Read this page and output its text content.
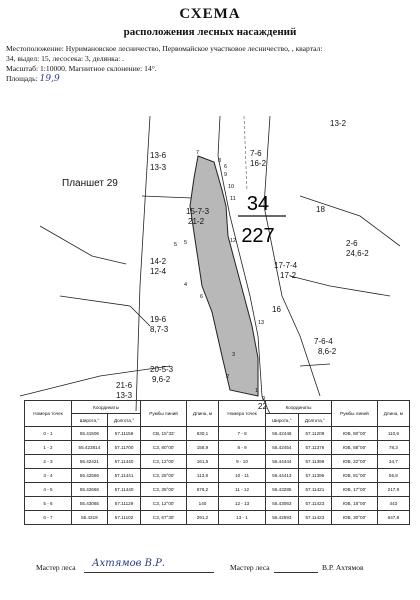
СХЕМА
расположения лесных насаждений
Местоположение: Нуримановское лесничество, Первомайское участковое лесничество, , квартал:
34, выдел: 15, лесосека: 3, делянка: .
Масштаб: 1:10000. Магнитное склонение: 14°.
Площадь: 19,9
34
227
Планшет 29
13-2
7-6
16-2
13-6
13-3
15-7-3
21-2
18
14-2
12-4
2-6
24,6-2
17-7-4
17-2
16
19-6
8,7-3
7-6-4
8,6-2
20-5-3
9,6-2
21-6
13-3
22
7
8
9
10
11
12
13
5
4
3
2
1
0
6
5
6
Номера точек	Координаты		Румбы линий	Длина, м	Номера точек	Координаты		Румбы линий	Длина, м
	Широта,°	Долгота,°				Широта,°	Долгота,°		
0 - 1	55.41506	57.11156	СВ, 15°33'	630,1	7 - 8	55.42446	57.11209	ЮВ, 80°00'	110,9
1 - 2	55.423814	57.11700	СЗ, 80°00'	158,9	8 - 9	55.42454	57.11376	ЮВ, 88°00'	78,3
2 - 3	55.42421	57.11440	СЗ, 12°00'	161,5	9 - 10	55.44444	57.11399	ЮВ, 22°00'	34,7
3 - 4	55.42566	57.11441	СЗ, 25°00'	113,8	10 - 11	55.44413	57.11395	ЮВ, 81°00'	55,8
4 - 5	55.42666	57.11440	СЗ, 35°00'	676,2	11 - 12	55.43285	57.11421	ЮВ, 17°00'	217,9
5 - 6	55.43065	57.11129	СЗ, 12°00'	140	12 - 13	55.43063	57.11423	ЮВ, 18°00'	443
6 - 7	55.4319	57.11102	СЗ, 67°30'	291,2	13 - 1	55.42693	57.11423	ЮВ, 30°00'	647,8
Мастер леса Ахтямов В.Р.	Мастер леса	В.Р. Ахтямов
